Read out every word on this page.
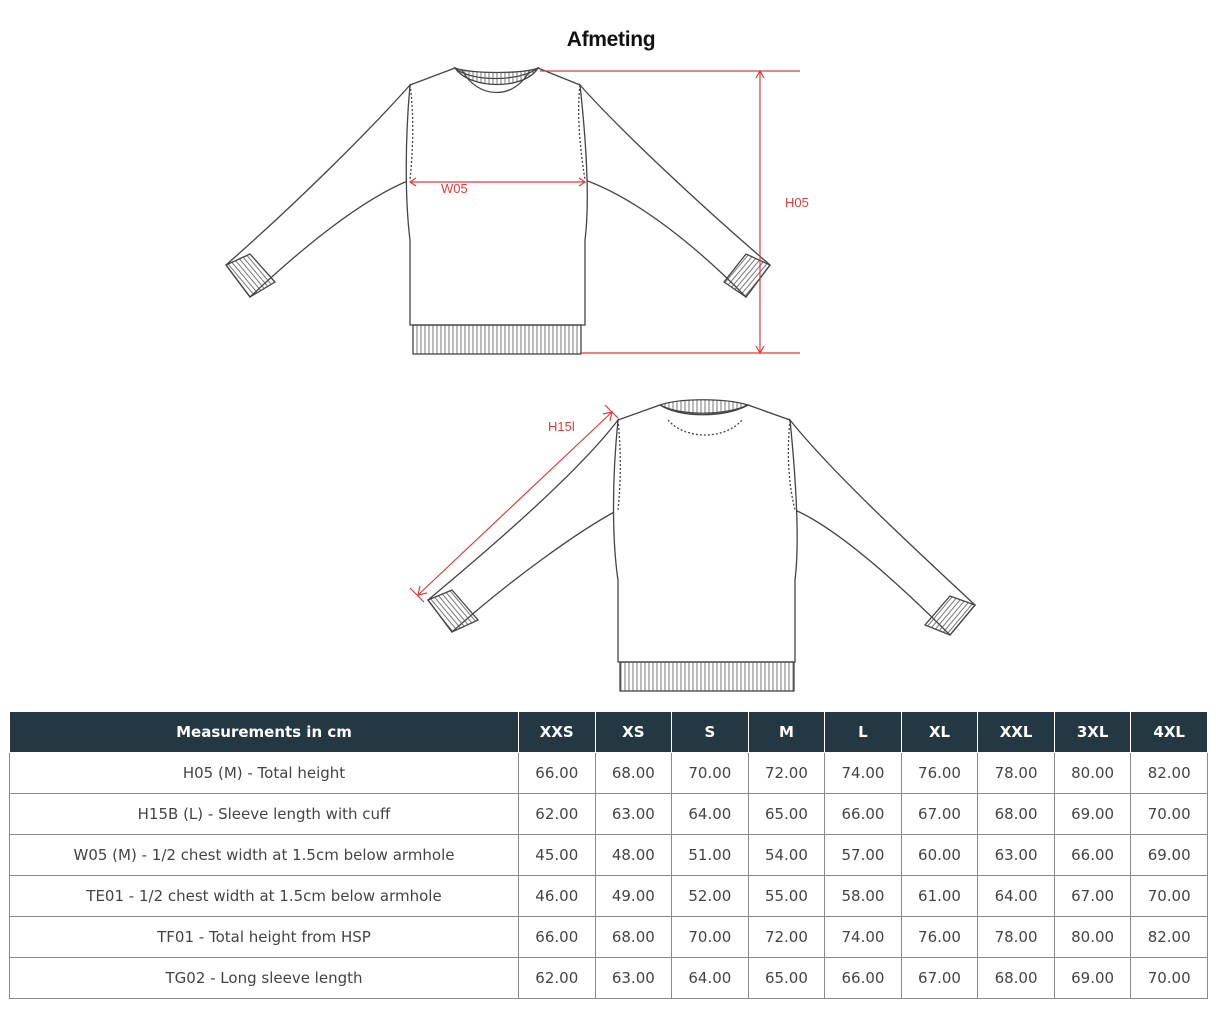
Afmeting
W05
H05
H15l
Measurements in cm	XXS	XS	S	M	L	XL	XXL	3XL	4XL
H05 (M) - Total height	66.00	68.00	70.00	72.00	74.00	76.00	78.00	80.00	82.00
H15B (L) - Sleeve length with cuff	62.00	63.00	64.00	65.00	66.00	67.00	68.00	69.00	70.00
W05 (M) - 1/2 chest width at 1.5cm below armhole	45.00	48.00	51.00	54.00	57.00	60.00	63.00	66.00	69.00
TE01 - 1/2 chest width at 1.5cm below armhole	46.00	49.00	52.00	55.00	58.00	61.00	64.00	67.00	70.00
TF01 - Total height from HSP	66.00	68.00	70.00	72.00	74.00	76.00	78.00	80.00	82.00
TG02 - Long sleeve length	62.00	63.00	64.00	65.00	66.00	67.00	68.00	69.00	70.00
